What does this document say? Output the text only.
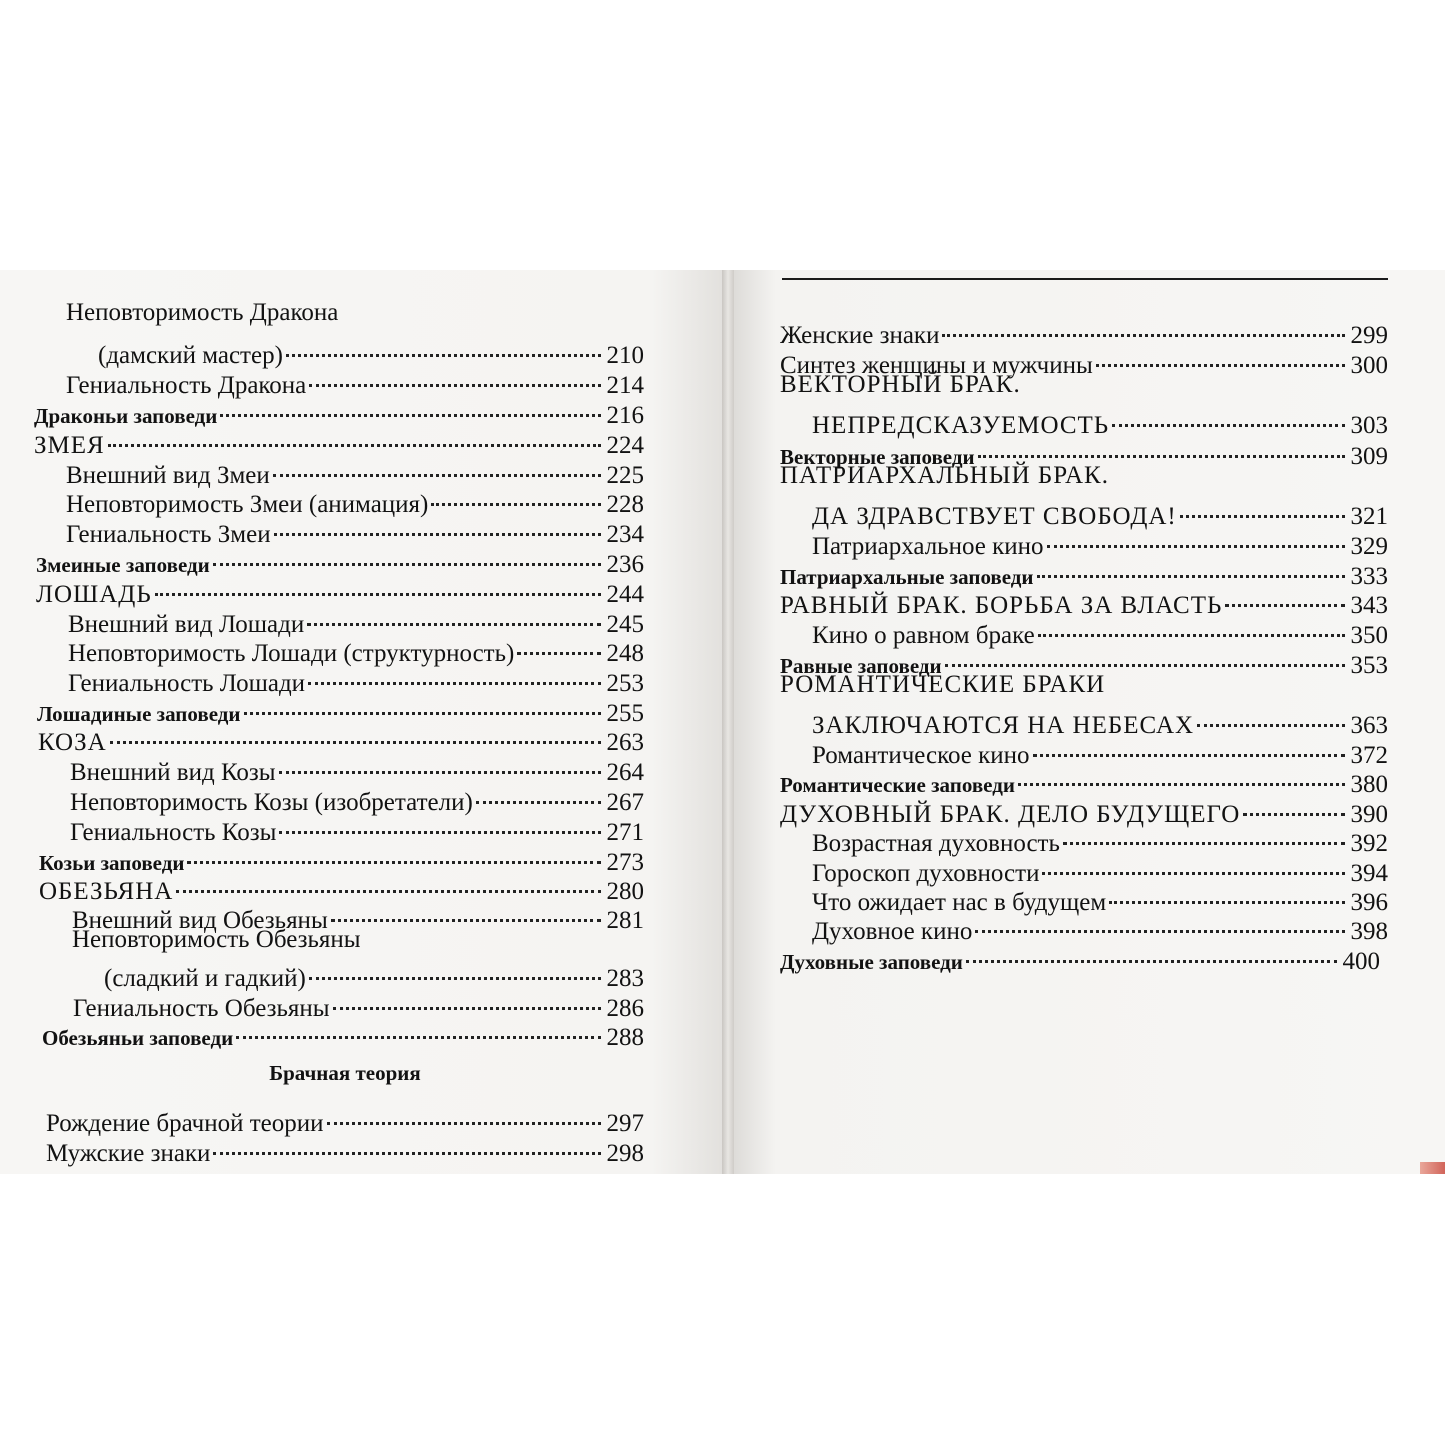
Неповторимость Дракона
(дамский мастер)	210
Гениальность Дракона	214
Драконьи заповеди	216
ЗМЕЯ	224
Внешний вид Змеи	225
Неповторимость Змеи (анимация)	228
Гениальность Змеи	234
Змеиные заповеди	236
ЛОШАДЬ	244
Внешний вид Лошади	245
Неповторимость Лошади (структурность)	248
Гениальность Лошади	253
Лошадиные заповеди	255
КОЗА	263
Внешний вид Козы	264
Неповторимость Козы (изобретатели)	267
Гениальность Козы	271
Козьи заповеди	273
ОБЕЗЬЯНА	280
Внешний вид Обезьяны	281
Неповторимость Обезьяны
(сладкий и гадкий)	283
Гениальность Обезьяны	286
Обезьяньи заповеди	288
Брачная теория
Рождение брачной теории	297
Мужские знаки	298
Женские знаки	299
Синтез женщины и мужчины	300
ВЕКТОРНЫЙ БРАК.
НЕПРЕДСКАЗУЕМОСТЬ	303
Векторные заповеди	309
ПАТРИАРХАЛЬНЫЙ БРАК.
ДА ЗДРАВСТВУЕТ СВОБОДА!	321
Патриархальное кино	329
Патриархальные заповеди	333
РАВНЫЙ БРАК. БОРЬБА ЗА ВЛАСТЬ	343
Кино о равном браке	350
Равные заповеди	353
РОМАНТИЧЕСКИЕ БРАКИ
ЗАКЛЮЧАЮТСЯ НА НЕБЕСАХ	363
Романтическое кино	372
Романтические заповеди	380
ДУХОВНЫЙ БРАК. ДЕЛО БУДУЩЕГО	390
Возрастная духовность	392
Гороскоп духовности	394
Что ожидает нас в будущем	396
Духовное кино	398
Духовные заповеди	400
